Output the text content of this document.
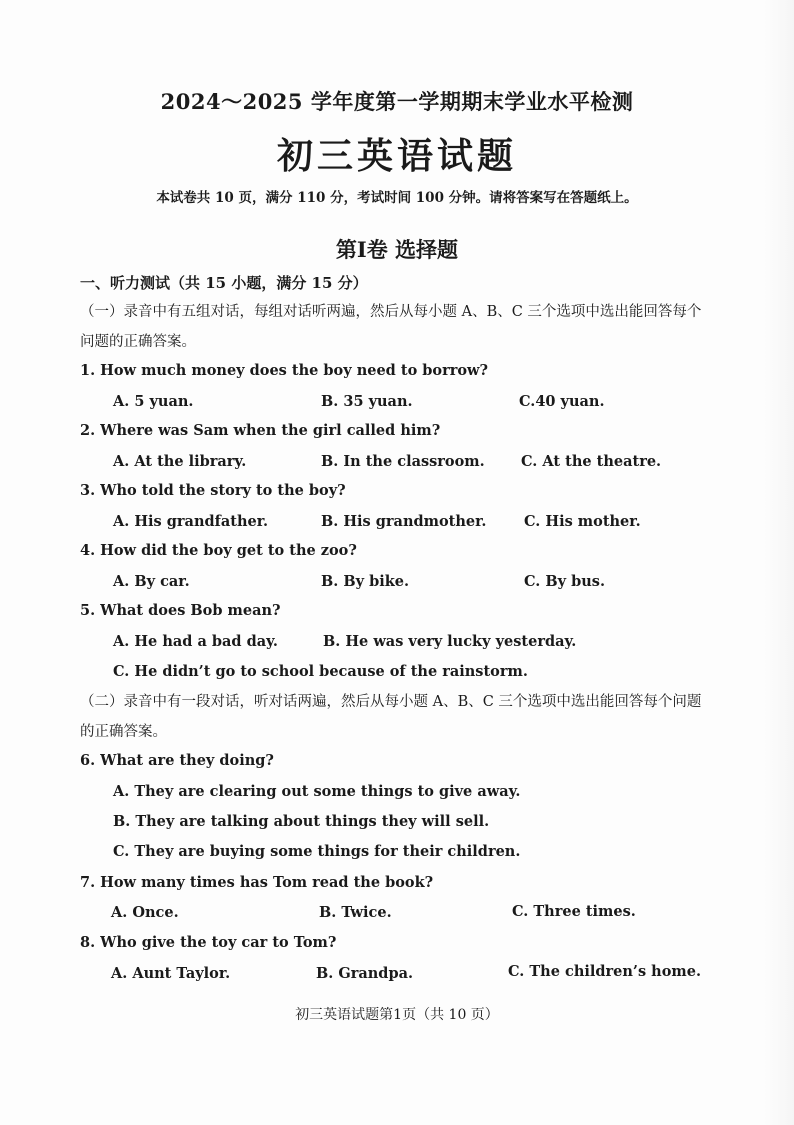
2024～2025 学年度第一学期期末学业水平检测
初三英语试题
本试卷共 10 页，满分 110 分，考试时间 100 分钟。请将答案写在答题纸上。
第Ⅰ卷 选择题
一、听力测试（共 15 小题，满分 15 分）
（一）录音中有五组对话，每组对话听两遍，然后从每小题 A、B、C 三个选项中选出能回答每个问题的正确答案。
1. How much money does the boy need to borrow?
A. 5 yuan.	B. 35 yuan.	C.40 yuan.
2. Where was Sam when the girl called him?
A. At the library.	B. In the classroom.	C. At the theatre.
3. Who told the story to the boy?
A. His grandfather.	B. His grandmother.	C. His mother.
4. How did the boy get to the zoo?
A. By car.	B. By bike.	C. By bus.
5. What does Bob mean?
A. He had a bad day.	B. He was very lucky yesterday.
C. He didn’t go to school because of the rainstorm.
（二）录音中有一段对话，听对话两遍，然后从每小题 A、B、C 三个选项中选出能回答每个问题的正确答案。
6. What are they doing?
A. They are clearing out some things to give away.
B. They are talking about things they will sell.
C. They are buying some things for their children.
7. How many times has Tom read the book?
A. Once.	B. Twice.	C. Three times.
8. Who give the toy car to Tom?
A. Aunt Taylor.	B. Grandpa.	C. The children’s home.
初三英语试题第1页（共 10 页）
